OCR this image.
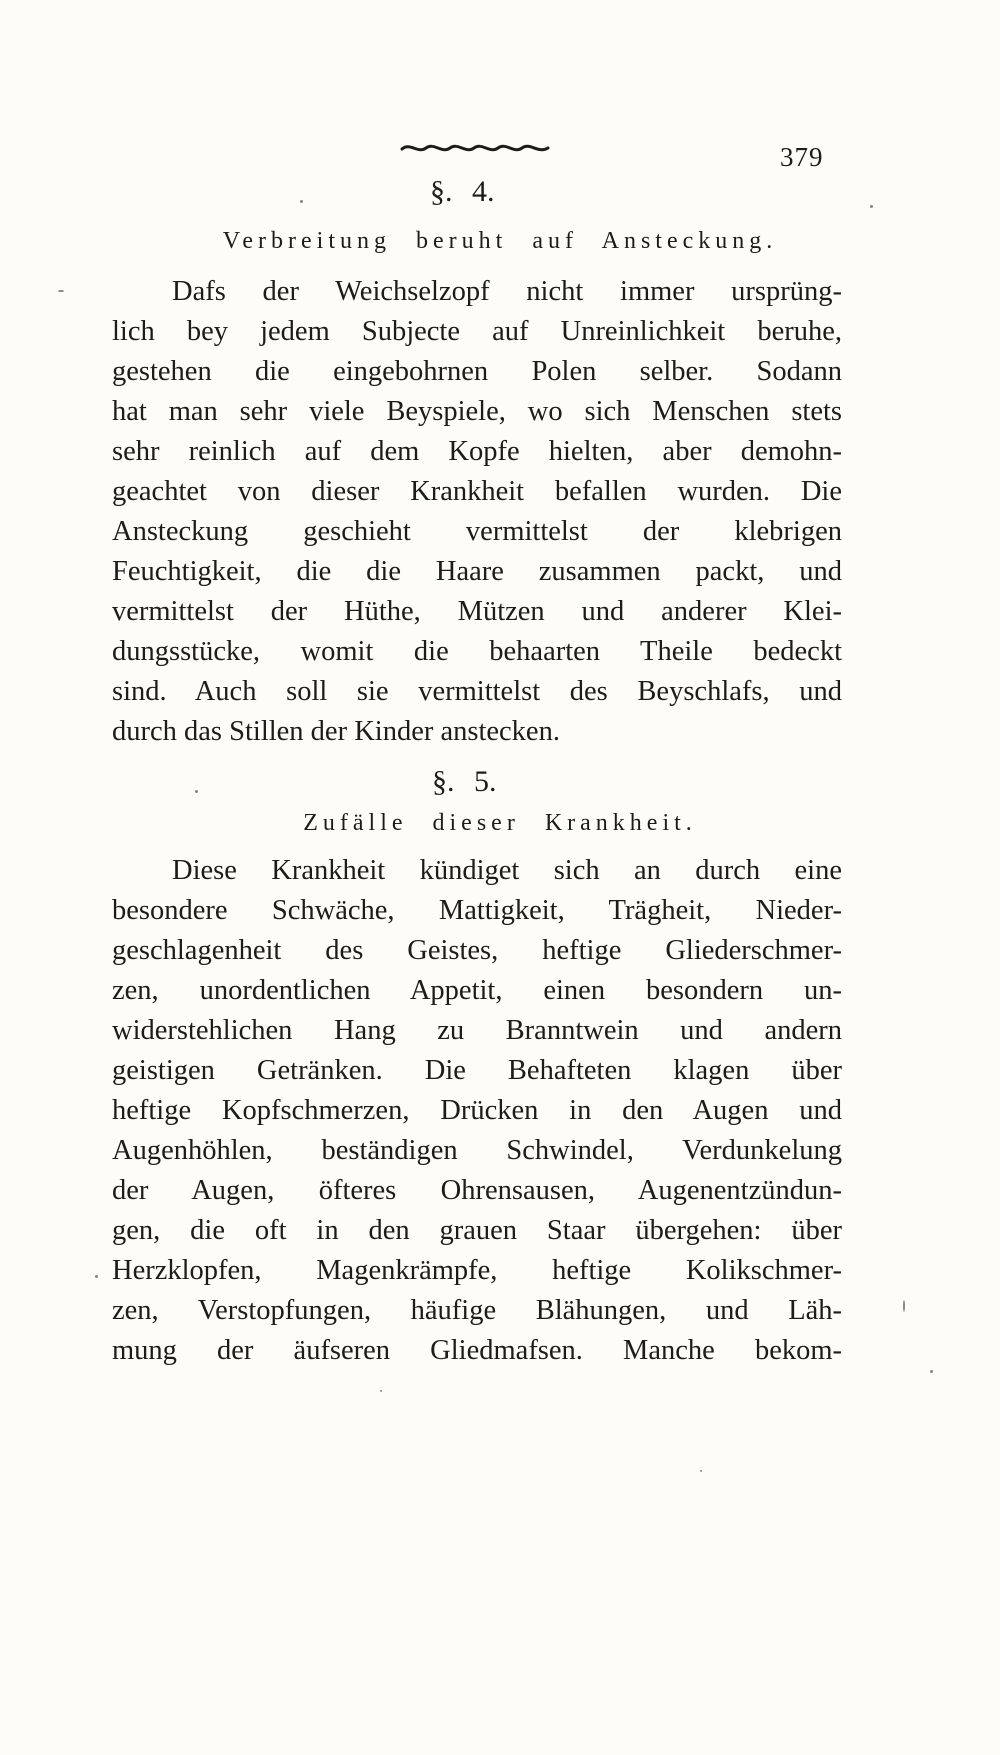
379
§. 4.
Verbreitung beruht auf Ansteckung.
Dafs der Weichselzopf nicht immer ursprüng-
lich bey jedem Subjecte auf Unreinlichkeit beruhe,
gestehen die eingebohrnen Polen selber. Sodann
hat man sehr viele Beyspiele, wo sich Menschen stets
sehr reinlich auf dem Kopfe hielten, aber demohn-
geachtet von dieser Krankheit befallen wurden. Die
Ansteckung geschieht vermittelst der klebrigen
Feuchtigkeit, die die Haare zusammen packt, und
vermittelst der Hüthe, Mützen und anderer Klei-
dungsstücke, womit die behaarten Theile bedeckt
sind. Auch soll sie vermittelst des Beyschlafs, und
durch das Stillen der Kinder anstecken.
§. 5.
Zufälle dieser Krankheit.
Diese Krankheit kündiget sich an durch eine
besondere Schwäche, Mattigkeit, Trägheit, Nieder-
geschlagenheit des Geistes, heftige Gliederschmer-
zen, unordentlichen Appetit, einen besondern un-
widerstehlichen Hang zu Branntwein und andern
geistigen Getränken. Die Behafteten klagen über
heftige Kopfschmerzen, Drücken in den Augen und
Augenhöhlen, beständigen Schwindel, Verdunkelung
der Augen, öfteres Ohrensausen, Augenentzündun-
gen, die oft in den grauen Staar übergehen: über
Herzklopfen, Magenkrämpfe, heftige Kolikschmer-
zen, Verstopfungen, häufige Blähungen, und Läh-
mung der äufseren Gliedmafsen. Manche bekom-
